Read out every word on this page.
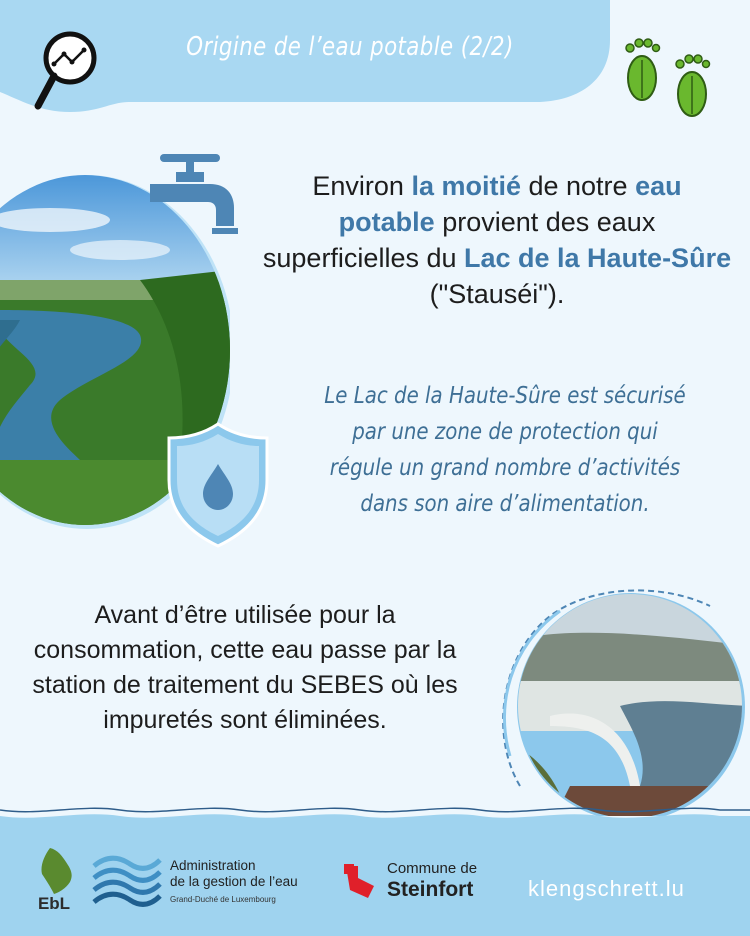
Origine de l’eau potable (2/2)
Environ la moitié de notre eau potable provient des eaux superficielles du Lac de la Haute-Sûre ("Stauséi").
Le Lac de la Haute-Sûre est sécurisé par une zone de protection qui régule un grand nombre d’activités dans son aire d’alimentation.
Avant d’être utilisée pour la consommation, cette eau passe par la station de traitement du SEBES où les impuretés sont éliminées.
EbL
Administration
de la gestion de l’eau
Grand-Duché de Luxembourg
Commune de
Steinfort klengschrett.lu
